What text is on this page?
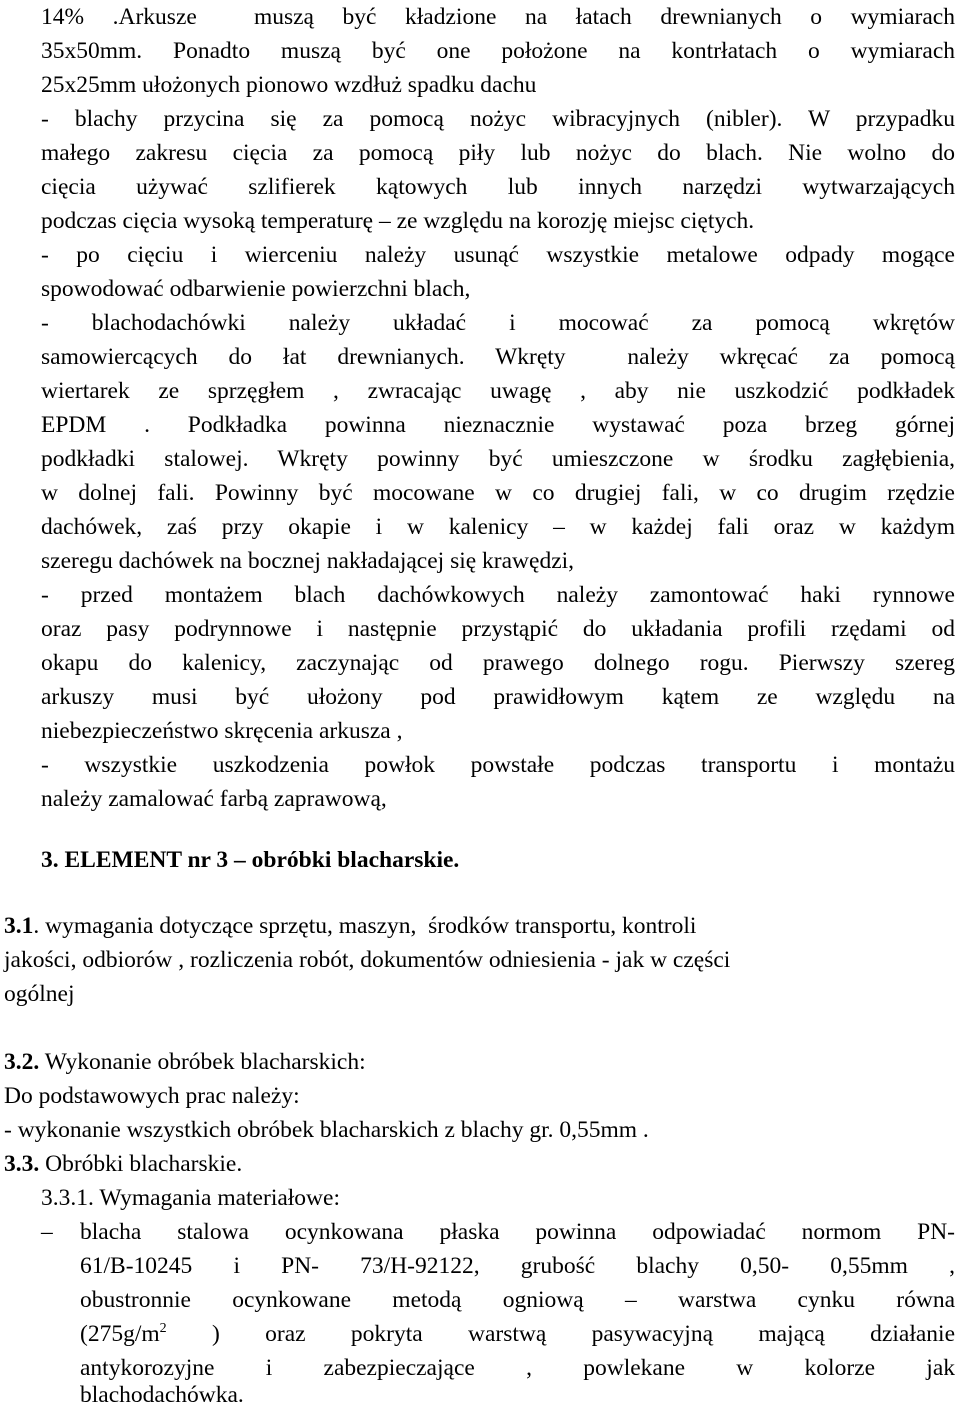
14% .Arkusze  muszą być kładzione na łatach drewnianych o wymiarach
35x50mm. Ponadto muszą być one położone na kontrłatach o wymiarach
25x25mm ułożonych pionowo wzdłuż spadku dachu
- blachy przycina się za pomocą nożyc wibracyjnych (nibler). W przypadku
małego zakresu cięcia za pomocą piły lub nożyc do blach. Nie wolno do
cięcia używać szlifierek kątowych lub innych narzędzi wytwarzających
podczas cięcia wysoką temperaturę – ze względu na korozję miejsc ciętych.
- po cięciu i wierceniu należy usunąć wszystkie metalowe odpady mogące
spowodować odbarwienie powierzchni blach,
- blachodachówki należy układać i mocować za pomocą wkrętów
samowiercących do łat drewnianych. Wkręty  należy wkręcać za pomocą
wiertarek ze sprzęgłem , zwracając uwagę , aby nie uszkodzić podkładek
EPDM . Podkładka powinna nieznacznie wystawać poza brzeg górnej
podkładki stalowej. Wkręty powinny być umieszczone w środku zagłębienia,
w dolnej fali. Powinny być mocowane w co drugiej fali, w co drugim rzędzie
dachówek, zaś przy okapie i w kalenicy – w każdej fali oraz w każdym
szeregu dachówek na bocznej nakładającej się krawędzi,
- przed montażem blach dachówkowych należy zamontować haki rynnowe
oraz pasy podrynnowe i następnie przystąpić do układania profili rzędami od
okapu do kalenicy, zaczynając od prawego dolnego rogu. Pierwszy szereg
arkuszy musi być ułożony pod prawidłowym kątem ze względu na
niebezpieczeństwo skręcenia arkusza ,
- wszystkie uszkodzenia powłok powstałe podczas transportu i montażu
należy zamalować farbą zaprawową,
3. ELEMENT nr 3 – obróbki blacharskie.
3.1. wymagania dotyczące sprzętu, maszyn,  środków transportu, kontroli
jakości, odbiorów , rozliczenia robót, dokumentów odniesienia - jak w części
ogólnej
3.2. Wykonanie obróbek blacharskich:
Do podstawowych prac należy:
- wykonanie wszystkich obróbek blacharskich z blachy gr. 0,55mm .
3.3. Obróbki blacharskie.
3.3.1. Wymagania materiałowe:
– blacha stalowa ocynkowana płaska powinna odpowiadać normom PN-
61/B-10245 i PN- 73/H-92122, grubość blachy 0,50- 0,55mm ,
obustronnie ocynkowane metodą ogniową – warstwa cynku równa
($275g/m^2$ ) oraz pokryta warstwą pasywacyjną mającą działanie
antykorozyjne i zabezpieczające , powlekane w kolorze jak
blachodachówka.
